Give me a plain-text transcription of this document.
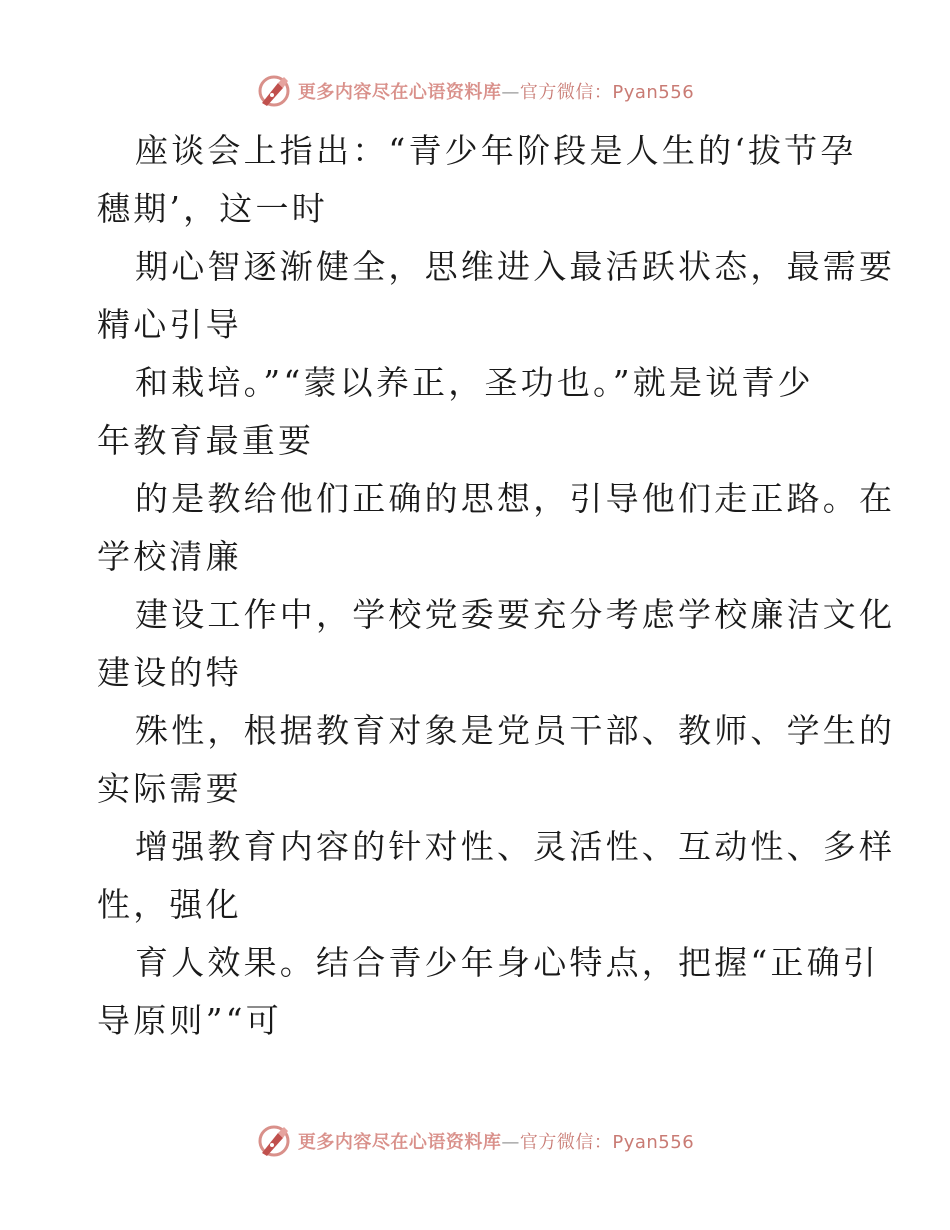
更多内容尽在心语资料库—官方微信：Pyan556
座谈会上指出：“青少年阶段是人生的‘拔节孕
穗期’，这一时
期心智逐渐健全，思维进入最活跃状态，最需要
精心引导
和栽培。”“蒙以养正，圣功也。”就是说青少
年教育最重要
的是教给他们正确的思想，引导他们走正路。在
学校清廉
建设工作中，学校党委要充分考虑学校廉洁文化
建设的特
殊性，根据教育对象是党员干部、教师、学生的
实际需要
增强教育内容的针对性、灵活性、互动性、多样
性，强化
育人效果。结合青少年身心特点，把握“正确引
导原则”“可
更多内容尽在心语资料库—官方微信：Pyan556
